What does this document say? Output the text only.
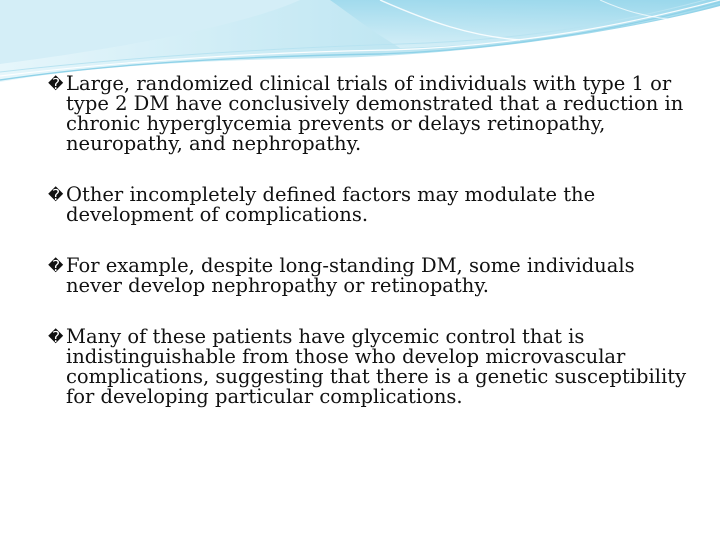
� Large, randomized clinical trials of individuals with type 1 or type 2 DM have conclusively demonstrated that a reduction in chronic hyperglycemia prevents or delays retinopathy, neuropathy, and nephropathy.

� Other incompletely defined factors may modulate the development of complications.

� For example, despite long-standing DM, some individuals never develop nephropathy or retinopathy.

� Many of these patients have glycemic control that is indistinguishable from those who develop microvascular complications, suggesting that there is a genetic susceptibility for developing particular complications.
